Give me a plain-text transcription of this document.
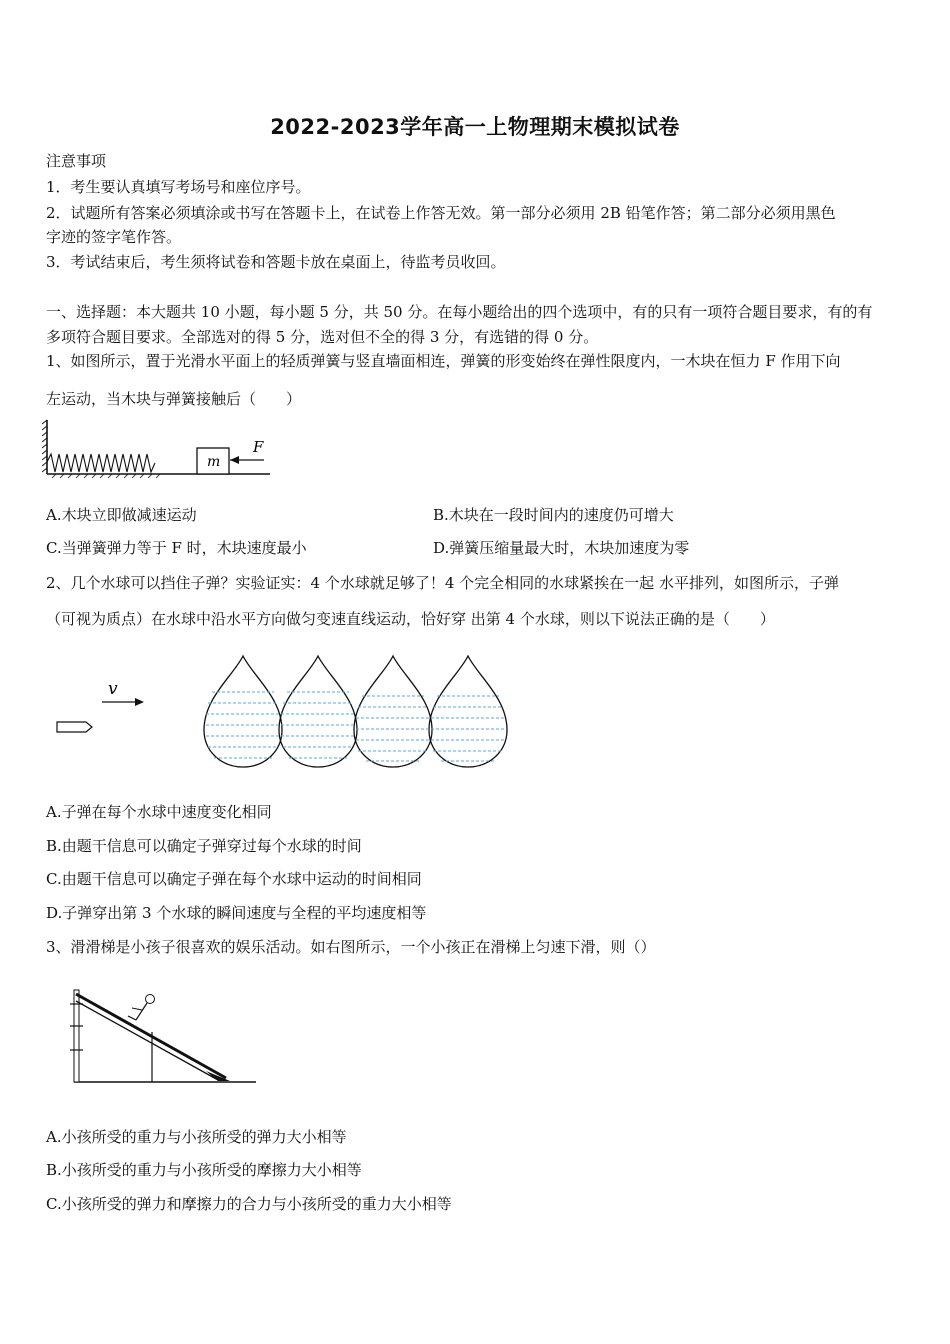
2022-2023学年高一上物理期末模拟试卷
注意事项
1．考生要认真填写考场号和座位序号。
2．试题所有答案必须填涂或书写在答题卡上，在试卷上作答无效。第一部分必须用 2B 铅笔作答；第二部分必须用黑色
字迹的签字笔作答。
3．考试结束后，考生须将试卷和答题卡放在桌面上，待监考员收回。
一、选择题：本大题共 10 小题，每小题 5 分，共 50 分。在每小题给出的四个选项中，有的只有一项符合题目要求，有的有
多项符合题目要求。全部选对的得 5 分，选对但不全的得 3 分，有选错的得 0 分。
1、如图所示，置于光滑水平面上的轻质弹簧与竖直墙面相连，弹簧的形变始终在弹性限度内，一木块在恒力 F 作用下向
左运动，当木块与弹簧接触后（　　）
m
F
A.木块立即做减速运动	B.木块在一段时间内的速度仍可增大
C.当弹簧弹力等于 F 时，木块速度最小	D.弹簧压缩量最大时，木块加速度为零
2、几个水球可以挡住子弹？实验证实：4 个水球就足够了！4 个完全相同的水球紧挨在一起 水平排列，如图所示，子弹
（可视为质点）在水球中沿水平方向做匀变速直线运动，恰好穿 出第 4 个水球，则以下说法正确的是（　　）
v
A.子弹在每个水球中速度变化相同
B.由题干信息可以确定子弹穿过每个水球的时间
C.由题干信息可以确定子弹在每个水球中运动的时间相同
D.子弹穿出第 3 个水球的瞬间速度与全程的平均速度相等
3、滑滑梯是小孩子很喜欢的娱乐活动。如右图所示，一个小孩正在滑梯上匀速下滑，则（）
A.小孩所受的重力与小孩所受的弹力大小相等
B.小孩所受的重力与小孩所受的摩擦力大小相等
C.小孩所受的弹力和摩擦力的合力与小孩所受的重力大小相等
